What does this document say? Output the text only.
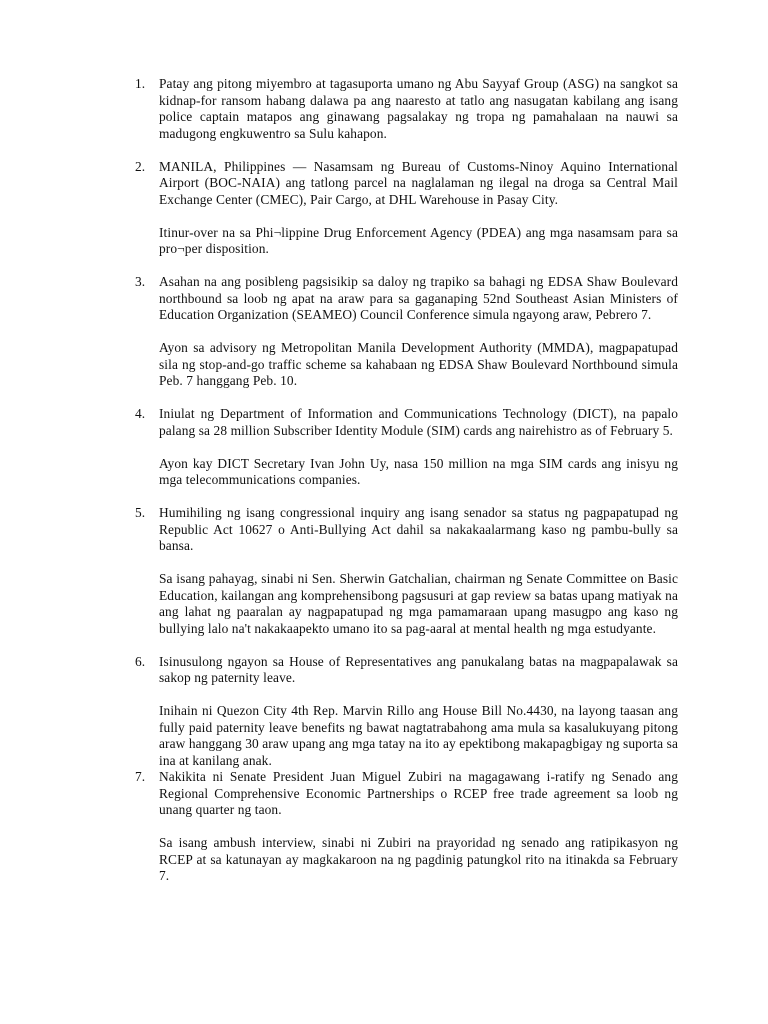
1. Patay ang pitong miyembro at tagasuporta umano ng Abu Sayyaf Group (ASG) na sangkot sa kidnap-for ransom habang dalawa pa ang naaresto at tatlo ang nasugatan kabilang ang isang police captain matapos ang ginawang pagsalakay ng tropa ng pamahalaan na nauwi sa madugong engkuwentro sa Sulu kahapon.

2. MANILA, Philippines — Nasamsam ng Bureau of Customs-Ninoy Aquino International Airport (BOC-NAIA) ang tatlong parcel na naglalaman ng ilegal na droga sa Central Mail Exchange Center (CMEC), Pair Cargo, at DHL Warehouse in Pasay City.

Itinur-over na sa Phi¬lippine Drug Enforcement Agency (PDEA) ang mga nasamsam para sa pro¬per disposition.

3. Asahan na ang posibleng pagsisikip sa daloy ng trapiko sa bahagi ng EDSA Shaw Boulevard northbound sa loob ng apat na araw para sa gaganaping 52nd Southeast Asian Ministers of Education Organization (SEAMEO) Council Conference simula ngayong araw, Pebrero 7.

Ayon sa advisory ng Metropolitan Manila Development Authority (MMDA), magpapatupad sila ng stop-and-go traffic scheme sa kahabaan ng EDSA Shaw Boulevard Northbound simula Peb. 7 hanggang Peb. 10.

4. Iniulat ng Department of Information and Communications Technology (DICT), na papalo palang sa 28 million Subscriber Identity Module (SIM) cards ang nairehistro as of February 5.

Ayon kay DICT Secretary Ivan John Uy, nasa 150 million na mga SIM cards ang inisyu ng mga telecommunications companies.

5. Humihiling ng isang congressional inquiry ang isang senador sa status ng pagpapatupad ng Republic Act 10627 o Anti-Bullying Act dahil sa nakakaalarmang kaso ng pambu-bully sa bansa.

Sa isang pahayag, sinabi ni Sen. Sherwin Gatchalian, chairman ng Senate Committee on Basic Education, kailangan ang komprehensibong pagsusuri at gap review sa batas upang matiyak na ang lahat ng paaralan ay nagpapatupad ng mga pamamaraan upang masugpo ang kaso ng bullying lalo na't nakakaapekto umano ito sa pag-aaral at mental health ng mga estudyante.

6. Isinusulong ngayon sa House of Representatives ang panukalang batas na magpapalawak sa sakop ng paternity leave.

Inihain ni Quezon City 4th Rep. Marvin Rillo ang House Bill No.4430, na layong taasan ang fully paid paternity leave benefits ng bawat nagtatrabahong ama mula sa kasalukuyang pitong araw hanggang 30 araw upang ang mga tatay na ito ay epektibong makapagbigay ng suporta sa ina at kanilang anak.

7. Nakikita ni Senate President Juan Miguel Zubiri na magagawang i-ratify ng Senado ang Regional Comprehensive Economic Partnerships o RCEP free trade agreement sa loob ng unang quarter ng taon.

Sa isang ambush interview, sinabi ni Zubiri na prayoridad ng senado ang ratipikasyon ng RCEP at sa katunayan ay magkakaroon na ng pagdinig patungkol rito na itinakda sa February 7.
